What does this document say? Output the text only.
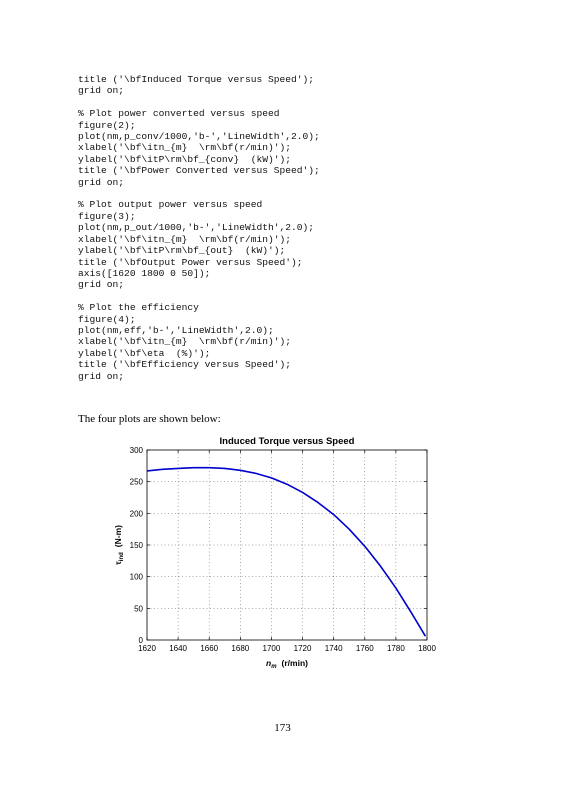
title ('\bfInduced Torque versus Speed');
grid on;

% Plot power converted versus speed
figure(2);
plot(nm,p_conv/1000,'b-','LineWidth',2.0);
xlabel('\bf\itn_{m}  \rm\bf(r/min)');
ylabel('\bf\itP\rm\bf_{conv}  (kW)');
title ('\bfPower Converted versus Speed');
grid on;

% Plot output power versus speed
figure(3);
plot(nm,p_out/1000,'b-','LineWidth',2.0);
xlabel('\bf\itn_{m}  \rm\bf(r/min)');
ylabel('\bf\itP\rm\bf_{out}  (kW)');
title ('\bfOutput Power versus Speed');
axis([1620 1800 0 50]);
grid on;

% Plot the efficiency
figure(4);
plot(nm,eff,'b-','LineWidth',2.0);
xlabel('\bf\itn_{m}  \rm\bf(r/min)');
ylabel('\bf\eta  (%)');
title ('\bfEfficiency versus Speed');
grid on;

The four plots are shown below:
1620 1640 1660 1680 1700 1720 1740 1760 1780 1800
0
50
100
150
200
250
300
Induced Torque versus Speed
$n_m$ (r/min)
$\tau_{ind}(N-m)$
173
